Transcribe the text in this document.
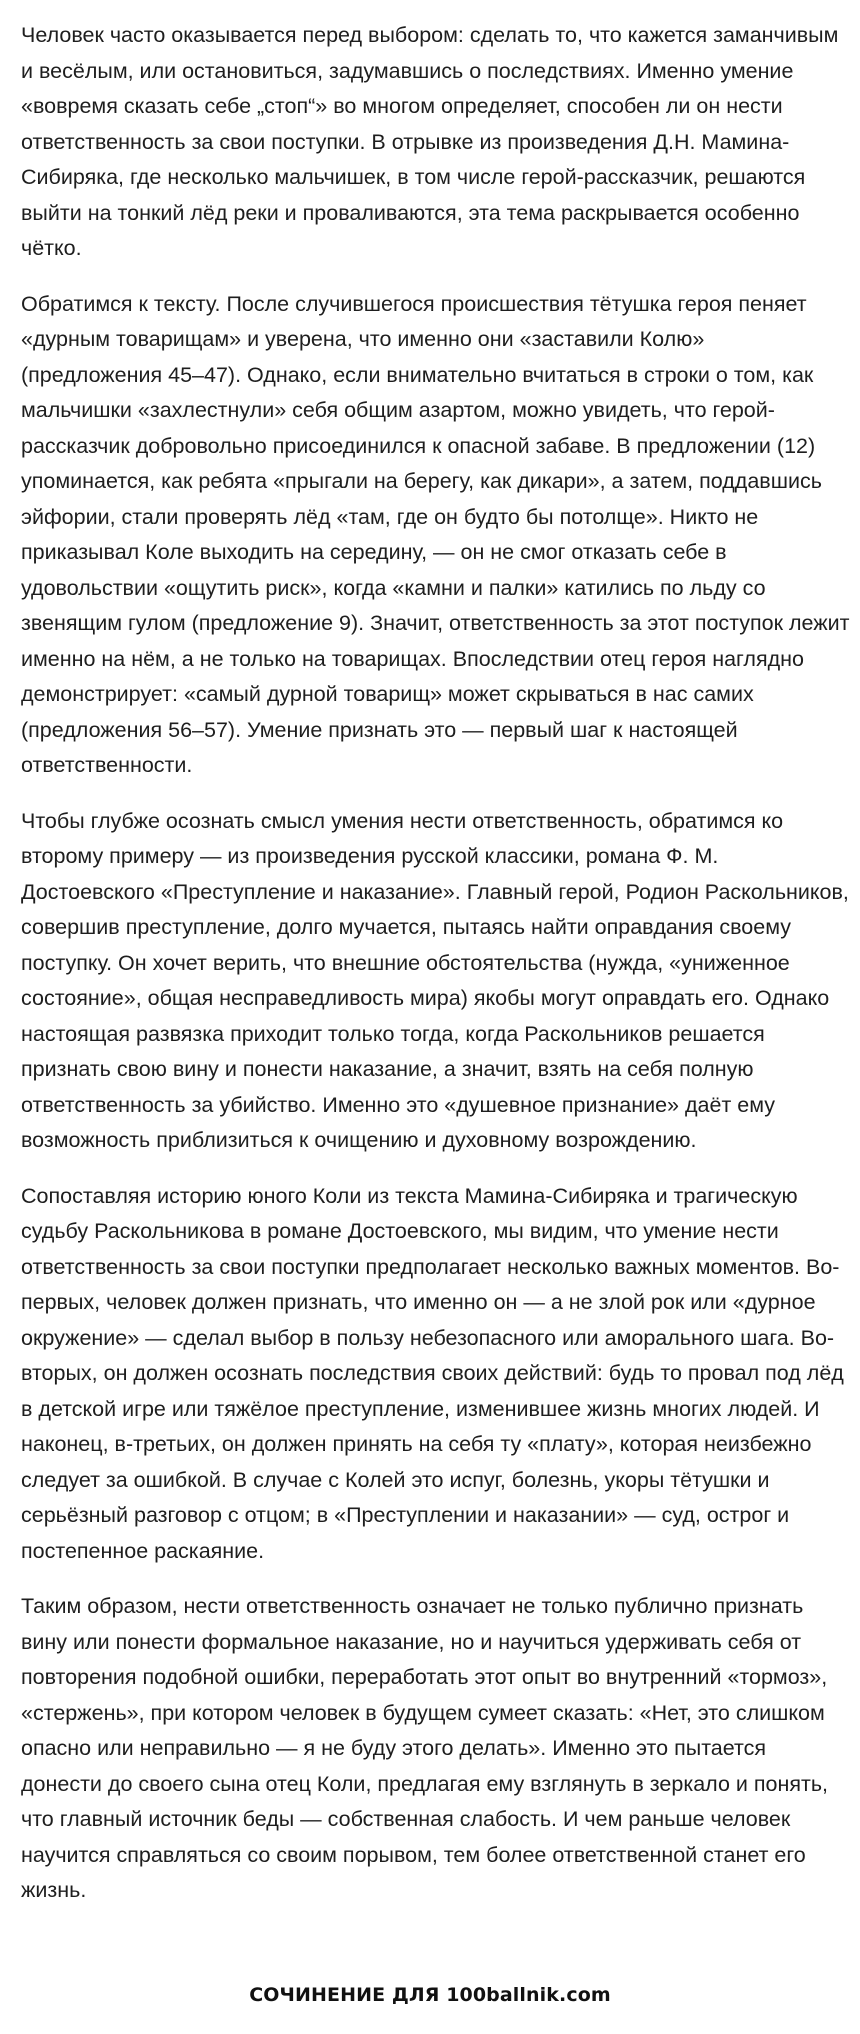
Человек часто оказывается перед выбором: сделать то, что кажется заманчивым и весёлым, или остановиться, задумавшись о последствиях. Именно умение «вовремя сказать себе „стоп“» во многом определяет, способен ли он нести ответственность за свои поступки. В отрывке из произведения Д.Н. Мамина-Сибиряка, где несколько мальчишек, в том числе герой-рассказчик, решаются выйти на тонкий лёд реки и проваливаются, эта тема раскрывается особенно чётко.

Обратимся к тексту. После случившегося происшествия тётушка героя пеняет «дурным товарищам» и уверена, что именно они «заставили Колю» (предложения 45–47). Однако, если внимательно вчитаться в строки о том, как мальчишки «захлестнули» себя общим азартом, можно увидеть, что герой-рассказчик добровольно присоединился к опасной забаве. В предложении (12) упоминается, как ребята «прыгали на берегу, как дикари», а затем, поддавшись эйфории, стали проверять лёд «там, где он будто бы потолще». Никто не приказывал Коле выходить на середину, — он не смог отказать себе в удовольствии «ощутить риск», когда «камни и палки» катились по льду со звенящим гулом (предложение 9). Значит, ответственность за этот поступок лежит именно на нём, а не только на товарищах. Впоследствии отец героя наглядно демонстрирует: «самый дурной товарищ» может скрываться в нас самих (предложения 56–57). Умение признать это — первый шаг к настоящей ответственности.

Чтобы глубже осознать смысл умения нести ответственность, обратимся ко второму примеру — из произведения русской классики, романа Ф. М. Достоевского «Преступление и наказание». Главный герой, Родион Раскольников, совершив преступление, долго мучается, пытаясь найти оправдания своему поступку. Он хочет верить, что внешние обстоятельства (нужда, «униженное состояние», общая несправедливость мира) якобы могут оправдать его. Однако настоящая развязка приходит только тогда, когда Раскольников решается признать свою вину и понести наказание, а значит, взять на себя полную ответственность за убийство. Именно это «душевное признание» даёт ему возможность приблизиться к очищению и духовному возрождению.

Сопоставляя историю юного Коли из текста Мамина-Сибиряка и трагическую судьбу Раскольникова в романе Достоевского, мы видим, что умение нести ответственность за свои поступки предполагает несколько важных моментов. Во-первых, человек должен признать, что именно он — а не злой рок или «дурное окружение» — сделал выбор в пользу небезопасного или аморального шага. Во-вторых, он должен осознать последствия своих действий: будь то провал под лёд в детской игре или тяжёлое преступление, изменившее жизнь многих людей. И наконец, в-третьих, он должен принять на себя ту «плату», которая неизбежно следует за ошибкой. В случае с Колей это испуг, болезнь, укоры тётушки и серьёзный разговор с отцом; в «Преступлении и наказании» — суд, острог и постепенное раскаяние.

Таким образом, нести ответственность означает не только публично признать вину или понести формальное наказание, но и научиться удерживать себя от повторения подобной ошибки, переработать этот опыт во внутренний «тормоз», «стержень», при котором человек в будущем сумеет сказать: «Нет, это слишком опасно или неправильно — я не буду этого делать». Именно это пытается донести до своего сына отец Коли, предлагая ему взглянуть в зеркало и понять, что главный источник беды — собственная слабость. И чем раньше человек научится справляться со своим порывом, тем более ответственной станет его жизнь.

СОЧИНЕНИЕ ДЛЯ 100ballnik.com
